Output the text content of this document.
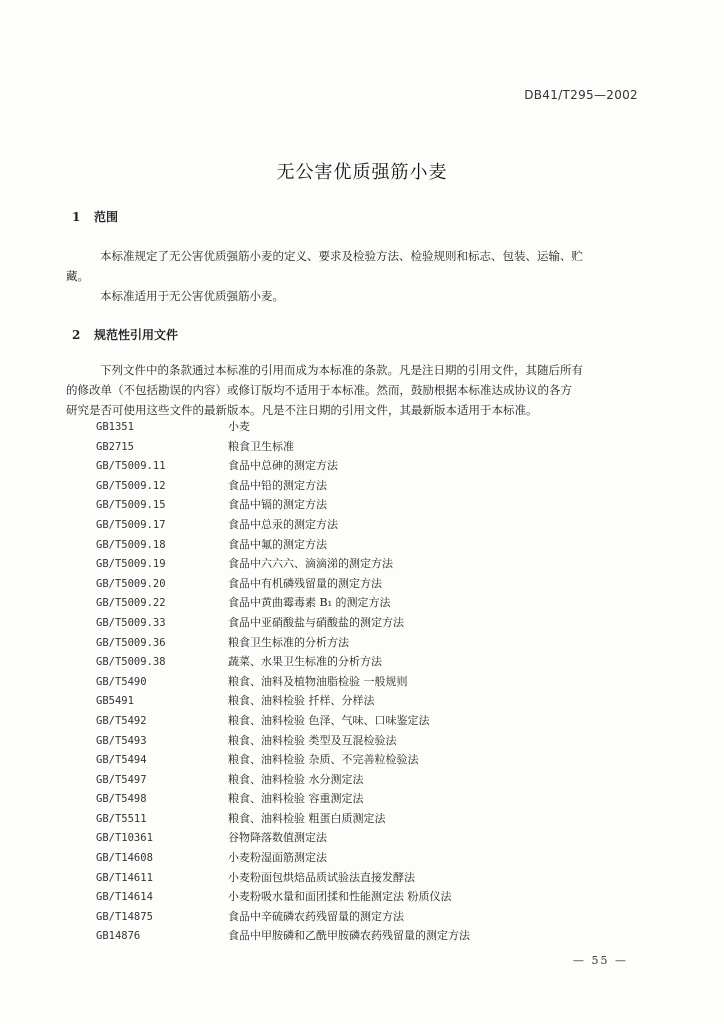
DB41/T295—2002
无公害优质强筋小麦
1 范围
本标准规定了无公害优质强筋小麦的定义、要求及检验方法、检验规则和标志、包装、运输、贮
藏。
本标准适用于无公害优质强筋小麦。
2 规范性引用文件
下列文件中的条款通过本标准的引用而成为本标准的条款。凡是注日期的引用文件，其随后所有
的修改单（不包括勘误的内容）或修订版均不适用于本标准。然而，鼓励根据本标准达成协议的各方
研究是否可使用这些文件的最新版本。凡是不注日期的引用文件，其最新版本适用于本标准。
GB1351	小麦
GB2715	粮食卫生标准
GB/T5009.11	食品中总砷的测定方法
GB/T5009.12	食品中铅的测定方法
GB/T5009.15	食品中镉的测定方法
GB/T5009.17	食品中总汞的测定方法
GB/T5009.18	食品中氟的测定方法
GB/T5009.19	食品中六六六、滴滴涕的测定方法
GB/T5009.20	食品中有机磷残留量的测定方法
GB/T5009.22	食品中黄曲霉毒素 B₁ 的测定方法
GB/T5009.33	食品中亚硝酸盐与硝酸盐的测定方法
GB/T5009.36	粮食卫生标准的分析方法
GB/T5009.38	蔬菜、水果卫生标准的分析方法
GB/T5490	粮食、油料及植物油脂检验 一般规则
GB5491	粮食、油料检验 扦样、分样法
GB/T5492	粮食、油料检验 色泽、气味、口味鉴定法
GB/T5493	粮食、油料检验 类型及互混检验法
GB/T5494	粮食、油料检验 杂质、不完善粒检验法
GB/T5497	粮食、油料检验 水分测定法
GB/T5498	粮食、油料检验 容重测定法
GB/T5511	粮食、油料检验 粗蛋白质测定法
GB/T10361	谷物降落数值测定法
GB/T14608	小麦粉湿面筋测定法
GB/T14611	小麦粉面包烘焙品质试验法直接发酵法
GB/T14614	小麦粉吸水量和面团揉和性能测定法 粉质仪法
GB/T14875	食品中辛硫磷农药残留量的测定方法
GB14876	食品中甲胺磷和乙酰甲胺磷农药残留量的测定方法
— 55 —
